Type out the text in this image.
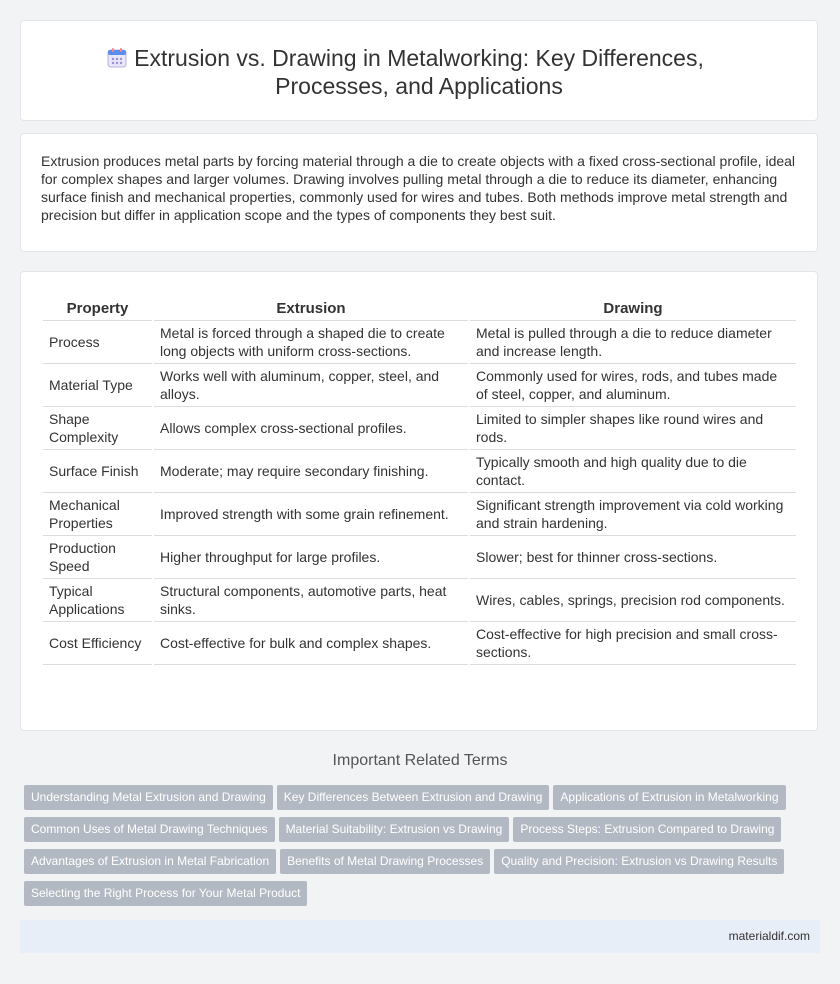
Extrusion vs. Drawing in Metalworking: Key Differences, Processes, and Applications

Extrusion produces metal parts by forcing material through a die to create objects with a fixed cross-sectional profile, ideal for complex shapes and larger volumes. Drawing involves pulling metal through a die to reduce its diameter, enhancing surface finish and mechanical properties, commonly used for wires and tubes. Both methods improve metal strength and precision but differ in application scope and the types of components they best suit.

Property	Extrusion	Drawing
Process	Metal is forced through a shaped die to create long objects with uniform cross-sections.	Metal is pulled through a die to reduce diameter and increase length.
Material Type	Works well with aluminum, copper, steel, and alloys.	Commonly used for wires, rods, and tubes made of steel, copper, and aluminum.
Shape Complexity	Allows complex cross-sectional profiles.	Limited to simpler shapes like round wires and rods.
Surface Finish	Moderate; may require secondary finishing.	Typically smooth and high quality due to die contact.
Mechanical Properties	Improved strength with some grain refinement.	Significant strength improvement via cold working and strain hardening.
Production Speed	Higher throughput for large profiles.	Slower; best for thinner cross-sections.
Typical Applications	Structural components, automotive parts, heat sinks.	Wires, cables, springs, precision rod components.
Cost Efficiency	Cost-effective for bulk and complex shapes.	Cost-effective for high precision and small cross-sections.
Important Related Terms
Understanding Metal Extrusion and Drawing Key Differences Between Extrusion and Drawing Applications of Extrusion in MetalworkingCommon Uses of Metal Drawing Techniques Material Suitability: Extrusion vs Drawing Process Steps: Extrusion Compared to DrawingAdvantages of Extrusion in Metal Fabrication Benefits of Metal Drawing Processes Quality and Precision: Extrusion vs Drawing ResultsSelecting the Right Process for Your Metal Product
materialdif.com
